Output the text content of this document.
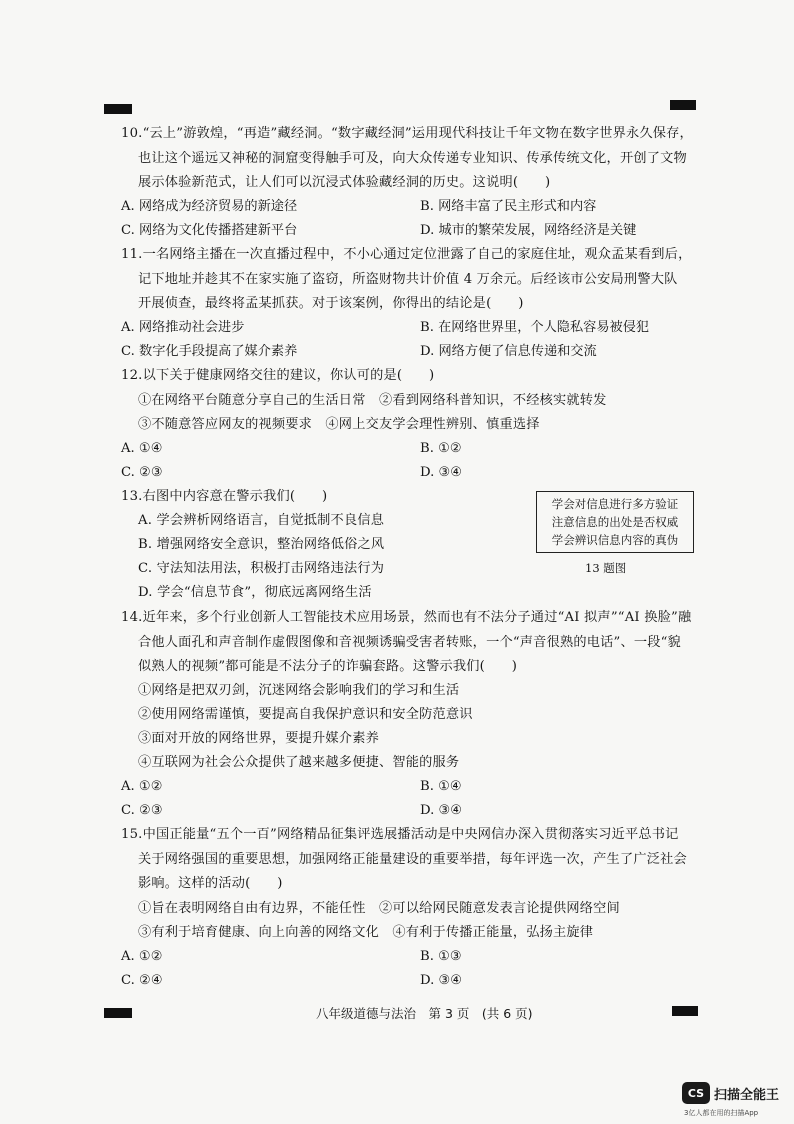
10.“云上”游敦煌，“再造”藏经洞。“数字藏经洞”运用现代科技让千年文物在数字世界永久保存，
也让这个遥远又神秘的洞窟变得触手可及，向大众传递专业知识、传承传统文化，开创了文物
展示体验新范式，让人们可以沉浸式体验藏经洞的历史。这说明(　　)
A. 网络成为经济贸易的新途径	B. 网络丰富了民主形式和内容
C. 网络为文化传播搭建新平台	D. 城市的繁荣发展，网络经济是关键
11.一名网络主播在一次直播过程中，不小心通过定位泄露了自己的家庭住址，观众孟某看到后，
记下地址并趁其不在家实施了盗窃，所盗财物共计价值 4 万余元。后经该市公安局刑警大队
开展侦查，最终将孟某抓获。对于该案例，你得出的结论是(　　)
A. 网络推动社会进步	B. 在网络世界里，个人隐私容易被侵犯
C. 数字化手段提高了媒介素养	D. 网络方便了信息传递和交流
12.以下关于健康网络交往的建议，你认可的是(　　)
①在网络平台随意分享自己的生活日常　②看到网络科普知识，不经核实就转发
③不随意答应网友的视频要求　④网上交友学会理性辨别、慎重选择
A. ①④	B. ①②
C. ②③	D. ③④
13.右图中内容意在警示我们(　　)
A. 学会辨析网络语言，自觉抵制不良信息
B. 增强网络安全意识，整治网络低俗之风
C. 守法知法用法，积极打击网络违法行为
D. 学会“信息节食”，彻底远离网络生活
学会对信息进行多方验证
注意信息的出处是否权威
学会辨识信息内容的真伪
13 题图
14.近年来，多个行业创新人工智能技术应用场景，然而也有不法分子通过“AI 拟声”“AI 换脸”融
合他人面孔和声音制作虚假图像和音视频诱骗受害者转账，一个“声音很熟的电话”、一段“貌
似熟人的视频”都可能是不法分子的诈骗套路。这警示我们(　　)
①网络是把双刃剑，沉迷网络会影响我们的学习和生活
②使用网络需谨慎，要提高自我保护意识和安全防范意识
③面对开放的网络世界，要提升媒介素养
④互联网为社会公众提供了越来越多便捷、智能的服务
A. ①②	B. ①④
C. ②③	D. ③④
15.中国正能量“五个一百”网络精品征集评选展播活动是中央网信办深入贯彻落实习近平总书记
关于网络强国的重要思想，加强网络正能量建设的重要举措，每年评选一次，产生了广泛社会
影响。这样的活动(　　)
①旨在表明网络自由有边界，不能任性　②可以给网民随意发表言论提供网络空间
③有利于培育健康、向上向善的网络文化　④有利于传播正能量，弘扬主旋律
A. ①②	B. ①③
C. ②④	D. ③④
八年级道德与法治　第 3 页　(共 6 页)
CS 扫描全能王
3亿人都在用的扫描App
